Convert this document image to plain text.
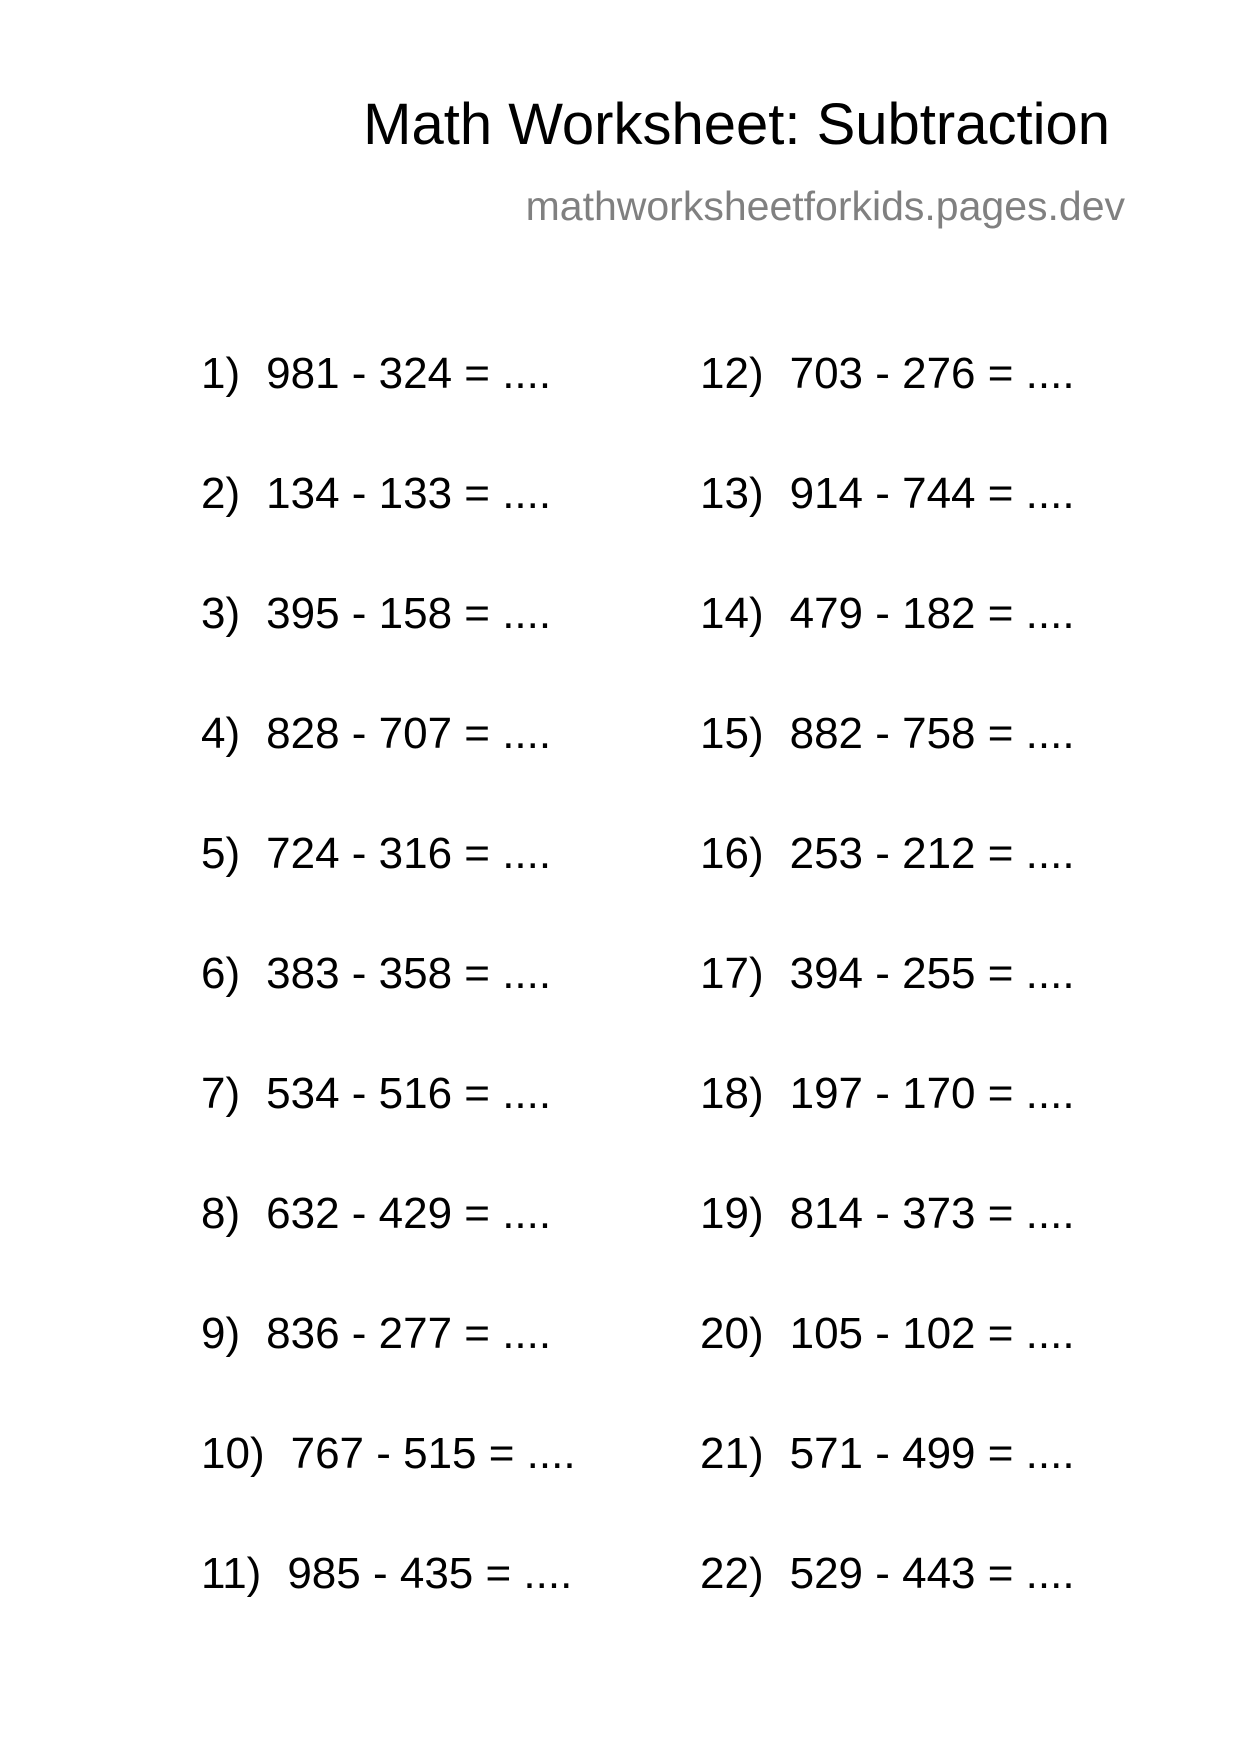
Math Worksheet: Subtraction
mathworksheetforkids.pages.dev
1) 981 - 324 = ....
2) 134 - 133 = ....
3) 395 - 158 = ....
4) 828 - 707 = ....
5) 724 - 316 = ....
6) 383 - 358 = ....
7) 534 - 516 = ....
8) 632 - 429 = ....
9) 836 - 277 = ....
10) 767 - 515 = ....
11) 985 - 435 = ....
12) 703 - 276 = ....
13) 914 - 744 = ....
14) 479 - 182 = ....
15) 882 - 758 = ....
16) 253 - 212 = ....
17) 394 - 255 = ....
18) 197 - 170 = ....
19) 814 - 373 = ....
20) 105 - 102 = ....
21) 571 - 499 = ....
22) 529 - 443 = ....
